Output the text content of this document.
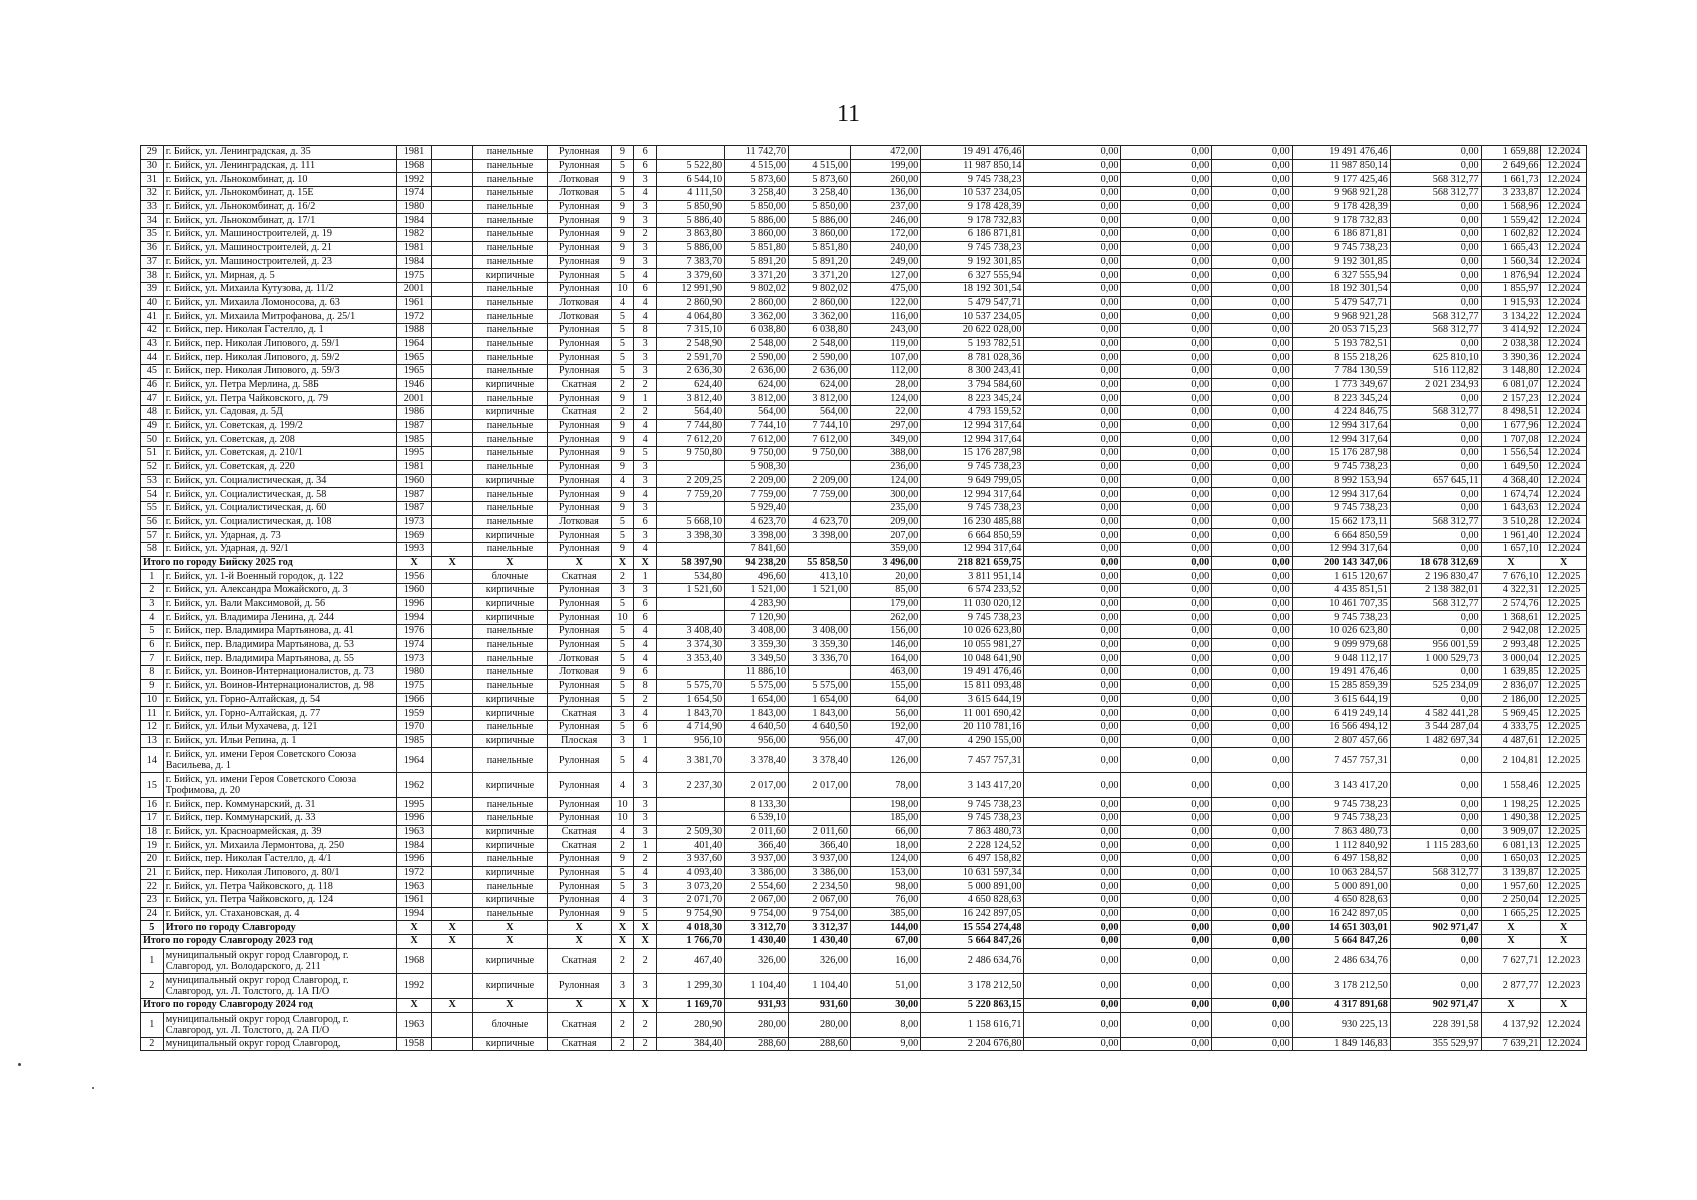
11
29	г. Бийск, ул. Ленинградская, д. 35	1981		панельные	Рулонная	9	6		11 742,70		472,00	19 491 476,46	0,00	0,00	0,00	19 491 476,46	0,00	1 659,88	12.2024
30	г. Бийск, ул. Ленинградская, д. 111	1968		панельные	Рулонная	5	6	5 522,80	4 515,00	4 515,00	199,00	11 987 850,14	0,00	0,00	0,00	11 987 850,14	0,00	2 649,66	12.2024
31	г. Бийск, ул. Льнокомбинат, д. 10	1992		панельные	Лотковая	9	3	6 544,10	5 873,60	5 873,60	260,00	9 745 738,23	0,00	0,00	0,00	9 177 425,46	568 312,77	1 661,73	12.2024
32	г. Бийск, ул. Льнокомбинат, д. 15Е	1974		панельные	Лотковая	5	4	4 111,50	3 258,40	3 258,40	136,00	10 537 234,05	0,00	0,00	0,00	9 968 921,28	568 312,77	3 233,87	12.2024
33	г. Бийск, ул. Льнокомбинат, д. 16/2	1980		панельные	Рулонная	9	3	5 850,90	5 850,00	5 850,00	237,00	9 178 428,39	0,00	0,00	0,00	9 178 428,39	0,00	1 568,96	12.2024
34	г. Бийск, ул. Льнокомбинат, д. 17/1	1984		панельные	Рулонная	9	3	5 886,40	5 886,00	5 886,00	246,00	9 178 732,83	0,00	0,00	0,00	9 178 732,83	0,00	1 559,42	12.2024
35	г. Бийск, ул. Машиностроителей, д. 19	1982		панельные	Рулонная	9	2	3 863,80	3 860,00	3 860,00	172,00	6 186 871,81	0,00	0,00	0,00	6 186 871,81	0,00	1 602,82	12.2024
36	г. Бийск, ул. Машиностроителей, д. 21	1981		панельные	Рулонная	9	3	5 886,00	5 851,80	5 851,80	240,00	9 745 738,23	0,00	0,00	0,00	9 745 738,23	0,00	1 665,43	12.2024
37	г. Бийск, ул. Машиностроителей, д. 23	1984		панельные	Рулонная	9	3	7 383,70	5 891,20	5 891,20	249,00	9 192 301,85	0,00	0,00	0,00	9 192 301,85	0,00	1 560,34	12.2024
38	г. Бийск, ул. Мирная, д. 5	1975		кирпичные	Рулонная	5	4	3 379,60	3 371,20	3 371,20	127,00	6 327 555,94	0,00	0,00	0,00	6 327 555,94	0,00	1 876,94	12.2024
39	г. Бийск, ул. Михаила Кутузова, д. 11/2	2001		панельные	Рулонная	10	6	12 991,90	9 802,02	9 802,02	475,00	18 192 301,54	0,00	0,00	0,00	18 192 301,54	0,00	1 855,97	12.2024
40	г. Бийск, ул. Михаила Ломоносова, д. 63	1961		панельные	Лотковая	4	4	2 860,90	2 860,00	2 860,00	122,00	5 479 547,71	0,00	0,00	0,00	5 479 547,71	0,00	1 915,93	12.2024
41	г. Бийск, ул. Михаила Митрофанова, д. 25/1	1972		панельные	Лотковая	5	4	4 064,80	3 362,00	3 362,00	116,00	10 537 234,05	0,00	0,00	0,00	9 968 921,28	568 312,77	3 134,22	12.2024
42	г. Бийск, пер. Николая Гастелло, д. 1	1988		панельные	Рулонная	5	8	7 315,10	6 038,80	6 038,80	243,00	20 622 028,00	0,00	0,00	0,00	20 053 715,23	568 312,77	3 414,92	12.2024
43	г. Бийск, пер. Николая Липового, д. 59/1	1964		панельные	Рулонная	5	3	2 548,90	2 548,00	2 548,00	119,00	5 193 782,51	0,00	0,00	0,00	5 193 782,51	0,00	2 038,38	12.2024
44	г. Бийск, пер. Николая Липового, д. 59/2	1965		панельные	Рулонная	5	3	2 591,70	2 590,00	2 590,00	107,00	8 781 028,36	0,00	0,00	0,00	8 155 218,26	625 810,10	3 390,36	12.2024
45	г. Бийск, пер. Николая Липового, д. 59/3	1965		панельные	Рулонная	5	3	2 636,30	2 636,00	2 636,00	112,00	8 300 243,41	0,00	0,00	0,00	7 784 130,59	516 112,82	3 148,80	12.2024
46	г. Бийск, ул. Петра Мерлина, д. 58Б	1946		кирпичные	Скатная	2	2	624,40	624,00	624,00	28,00	3 794 584,60	0,00	0,00	0,00	1 773 349,67	2 021 234,93	6 081,07	12.2024
47	г. Бийск, ул. Петра Чайковского, д. 79	2001		панельные	Рулонная	9	1	3 812,40	3 812,00	3 812,00	124,00	8 223 345,24	0,00	0,00	0,00	8 223 345,24	0,00	2 157,23	12.2024
48	г. Бийск, ул. Садовая, д. 5Д	1986		кирпичные	Скатная	2	2	564,40	564,00	564,00	22,00	4 793 159,52	0,00	0,00	0,00	4 224 846,75	568 312,77	8 498,51	12.2024
49	г. Бийск, ул. Советская, д. 199/2	1987		панельные	Рулонная	9	4	7 744,80	7 744,10	7 744,10	297,00	12 994 317,64	0,00	0,00	0,00	12 994 317,64	0,00	1 677,96	12.2024
50	г. Бийск, ул. Советская, д. 208	1985		панельные	Рулонная	9	4	7 612,20	7 612,00	7 612,00	349,00	12 994 317,64	0,00	0,00	0,00	12 994 317,64	0,00	1 707,08	12.2024
51	г. Бийск, ул. Советская, д. 210/1	1995		панельные	Рулонная	9	5	9 750,80	9 750,00	9 750,00	388,00	15 176 287,98	0,00	0,00	0,00	15 176 287,98	0,00	1 556,54	12.2024
52	г. Бийск, ул. Советская, д. 220	1981		панельные	Рулонная	9	3		5 908,30		236,00	9 745 738,23	0,00	0,00	0,00	9 745 738,23	0,00	1 649,50	12.2024
53	г. Бийск, ул. Социалистическая, д. 34	1960		кирпичные	Рулонная	4	3	2 209,25	2 209,00	2 209,00	124,00	9 649 799,05	0,00	0,00	0,00	8 992 153,94	657 645,11	4 368,40	12.2024
54	г. Бийск, ул. Социалистическая, д. 58	1987		панельные	Рулонная	9	4	7 759,20	7 759,00	7 759,00	300,00	12 994 317,64	0,00	0,00	0,00	12 994 317,64	0,00	1 674,74	12.2024
55	г. Бийск, ул. Социалистическая, д. 60	1987		панельные	Рулонная	9	3		5 929,40		235,00	9 745 738,23	0,00	0,00	0,00	9 745 738,23	0,00	1 643,63	12.2024
56	г. Бийск, ул. Социалистическая, д. 108	1973		панельные	Лотковая	5	6	5 668,10	4 623,70	4 623,70	209,00	16 230 485,88	0,00	0,00	0,00	15 662 173,11	568 312,77	3 510,28	12.2024
57	г. Бийск, ул. Ударная, д. 73	1969		кирпичные	Рулонная	5	3	3 398,30	3 398,00	3 398,00	207,00	6 664 850,59	0,00	0,00	0,00	6 664 850,59	0,00	1 961,40	12.2024
58	г. Бийск, ул. Ударная, д. 92/1	1993		панельные	Рулонная	9	4		7 841,60		359,00	12 994 317,64	0,00	0,00	0,00	12 994 317,64	0,00	1 657,10	12.2024
Итого по городу Бийску 2025 год		X	X	X	X	X	X	58 397,90	94 238,20	55 858,50	3 496,00	218 821 659,75	0,00	0,00	0,00	200 143 347,06	18 678 312,69	X	X
1	г. Бийск, ул. 1-й Военный городок, д. 122	1956		блочные	Скатная	2	1	534,80	496,60	413,10	20,00	3 811 951,14	0,00	0,00	0,00	1 615 120,67	2 196 830,47	7 676,10	12.2025
2	г. Бийск, ул. Александра Можайского, д. 3	1960		кирпичные	Рулонная	3	3	1 521,60	1 521,00	1 521,00	85,00	6 574 233,52	0,00	0,00	0,00	4 435 851,51	2 138 382,01	4 322,31	12.2025
3	г. Бийск, ул. Вали Максимовой, д. 56	1996		кирпичные	Рулонная	5	6		4 283,90		179,00	11 030 020,12	0,00	0,00	0,00	10 461 707,35	568 312,77	2 574,76	12.2025
4	г. Бийск, ул. Владимира Ленина, д. 244	1994		кирпичные	Рулонная	10	6		7 120,90		262,00	9 745 738,23	0,00	0,00	0,00	9 745 738,23	0,00	1 368,61	12.2025
5	г. Бийск, пер. Владимира Мартьянова, д. 41	1976		панельные	Рулонная	5	4	3 408,40	3 408,00	3 408,00	156,00	10 026 623,80	0,00	0,00	0,00	10 026 623,80	0,00	2 942,08	12.2025
6	г. Бийск, пер. Владимира Мартьянова, д. 53	1974		панельные	Рулонная	5	4	3 374,30	3 359,30	3 359,30	146,00	10 055 981,27	0,00	0,00	0,00	9 099 979,68	956 001,59	2 993,48	12.2025
7	г. Бийск, пер. Владимира Мартьянова, д. 55	1973		панельные	Лотковая	5	4	3 353,40	3 349,50	3 336,70	164,00	10 048 641,90	0,00	0,00	0,00	9 048 112,17	1 000 529,73	3 000,04	12.2025
8	г. Бийск, ул. Воинов-Интернационалистов, д. 73	1980		панельные	Лотковая	9	6		11 886,10		463,00	19 491 476,46	0,00	0,00	0,00	19 491 476,46	0,00	1 639,85	12.2025
9	г. Бийск, ул. Воинов-Интернационалистов, д. 98	1975		панельные	Рулонная	5	8	5 575,70	5 575,00	5 575,00	155,00	15 811 093,48	0,00	0,00	0,00	15 285 859,39	525 234,09	2 836,07	12.2025
10	г. Бийск, ул. Горно-Алтайская, д. 54	1966		кирпичные	Рулонная	5	2	1 654,50	1 654,00	1 654,00	64,00	3 615 644,19	0,00	0,00	0,00	3 615 644,19	0,00	2 186,00	12.2025
11	г. Бийск, ул. Горно-Алтайская, д. 77	1959		кирпичные	Скатная	3	4	1 843,70	1 843,00	1 843,00	56,00	11 001 690,42	0,00	0,00	0,00	6 419 249,14	4 582 441,28	5 969,45	12.2025
12	г. Бийск, ул. Ильи Мухачева, д. 121	1970		панельные	Рулонная	5	6	4 714,90	4 640,50	4 640,50	192,00	20 110 781,16	0,00	0,00	0,00	16 566 494,12	3 544 287,04	4 333,75	12.2025
13	г. Бийск, ул. Ильи Репина, д. 1	1985		кирпичные	Плоская	3	1	956,10	956,00	956,00	47,00	4 290 155,00	0,00	0,00	0,00	2 807 457,66	1 482 697,34	4 487,61	12.2025
14	г. Бийск, ул. имени Героя Советского Союза Васильева, д. 1	1964		панельные	Рулонная	5	4	3 381,70	3 378,40	3 378,40	126,00	7 457 757,31	0,00	0,00	0,00	7 457 757,31	0,00	2 104,81	12.2025
15	г. Бийск, ул. имени Героя Советского Союза Трофимова, д. 20	1962		кирпичные	Рулонная	4	3	2 237,30	2 017,00	2 017,00	78,00	3 143 417,20	0,00	0,00	0,00	3 143 417,20	0,00	1 558,46	12.2025
16	г. Бийск, пер. Коммунарский, д. 31	1995		панельные	Рулонная	10	3		8 133,30		198,00	9 745 738,23	0,00	0,00	0,00	9 745 738,23	0,00	1 198,25	12.2025
17	г. Бийск, пер. Коммунарский, д. 33	1996		панельные	Рулонная	10	3		6 539,10		185,00	9 745 738,23	0,00	0,00	0,00	9 745 738,23	0,00	1 490,38	12.2025
18	г. Бийск, ул. Красноармейская, д. 39	1963		кирпичные	Скатная	4	3	2 509,30	2 011,60	2 011,60	66,00	7 863 480,73	0,00	0,00	0,00	7 863 480,73	0,00	3 909,07	12.2025
19	г. Бийск, ул. Михаила Лермонтова, д. 250	1984		кирпичные	Скатная	2	1	401,40	366,40	366,40	18,00	2 228 124,52	0,00	0,00	0,00	1 112 840,92	1 115 283,60	6 081,13	12.2025
20	г. Бийск, пер. Николая Гастелло, д. 4/1	1996		панельные	Рулонная	9	2	3 937,60	3 937,00	3 937,00	124,00	6 497 158,82	0,00	0,00	0,00	6 497 158,82	0,00	1 650,03	12.2025
21	г. Бийск, пер. Николая Липового, д. 80/1	1972		кирпичные	Рулонная	5	4	4 093,40	3 386,00	3 386,00	153,00	10 631 597,34	0,00	0,00	0,00	10 063 284,57	568 312,77	3 139,87	12.2025
22	г. Бийск, ул. Петра Чайковского, д. 118	1963		панельные	Рулонная	5	3	3 073,20	2 554,60	2 234,50	98,00	5 000 891,00	0,00	0,00	0,00	5 000 891,00	0,00	1 957,60	12.2025
23	г. Бийск, ул. Петра Чайковского, д. 124	1961		кирпичные	Рулонная	4	3	2 071,70	2 067,00	2 067,00	76,00	4 650 828,63	0,00	0,00	0,00	4 650 828,63	0,00	2 250,04	12.2025
24	г. Бийск, ул. Стахановская, д. 4	1994		панельные	Рулонная	9	5	9 754,90	9 754,00	9 754,00	385,00	16 242 897,05	0,00	0,00	0,00	16 242 897,05	0,00	1 665,25	12.2025
5	Итого по городу Славгороду	X	X	X	X	X	X	4 018,30	3 312,70	3 312,37	144,00	15 554 274,48	0,00	0,00	0,00	14 651 303,01	902 971,47	X	X
Итого по городу Славгороду 2023 год		X	X	X	X	X	X	1 766,70	1 430,40	1 430,40	67,00	5 664 847,26	0,00	0,00	0,00	5 664 847,26	0,00	X	X
1	муниципальный округ город Славгород, г. Славгород, ул. Володарского, д. 211	1968		кирпичные	Скатная	2	2	467,40	326,00	326,00	16,00	2 486 634,76	0,00	0,00	0,00	2 486 634,76	0,00	7 627,71	12.2023
2	муниципальный округ город Славгород, г. Славгород, ул. Л. Толстого, д. 1А П/О	1992		кирпичные	Рулонная	3	3	1 299,30	1 104,40	1 104,40	51,00	3 178 212,50	0,00	0,00	0,00	3 178 212,50	0,00	2 877,77	12.2023
Итого по городу Славгороду 2024 год		X	X	X	X	X	X	1 169,70	931,93	931,60	30,00	5 220 863,15	0,00	0,00	0,00	4 317 891,68	902 971,47	X	X
1	муниципальный округ город Славгород, г. Славгород, ул. Л. Толстого, д. 2А П/О	1963		блочные	Скатная	2	2	280,90	280,00	280,00	8,00	1 158 616,71	0,00	0,00	0,00	930 225,13	228 391,58	4 137,92	12.2024
2	муниципальный округ город Славгород,	1958		кирпичные	Скатная	2	2	384,40	288,60	288,60	9,00	2 204 676,80	0,00	0,00	0,00	1 849 146,83	355 529,97	7 639,21	12.2024
